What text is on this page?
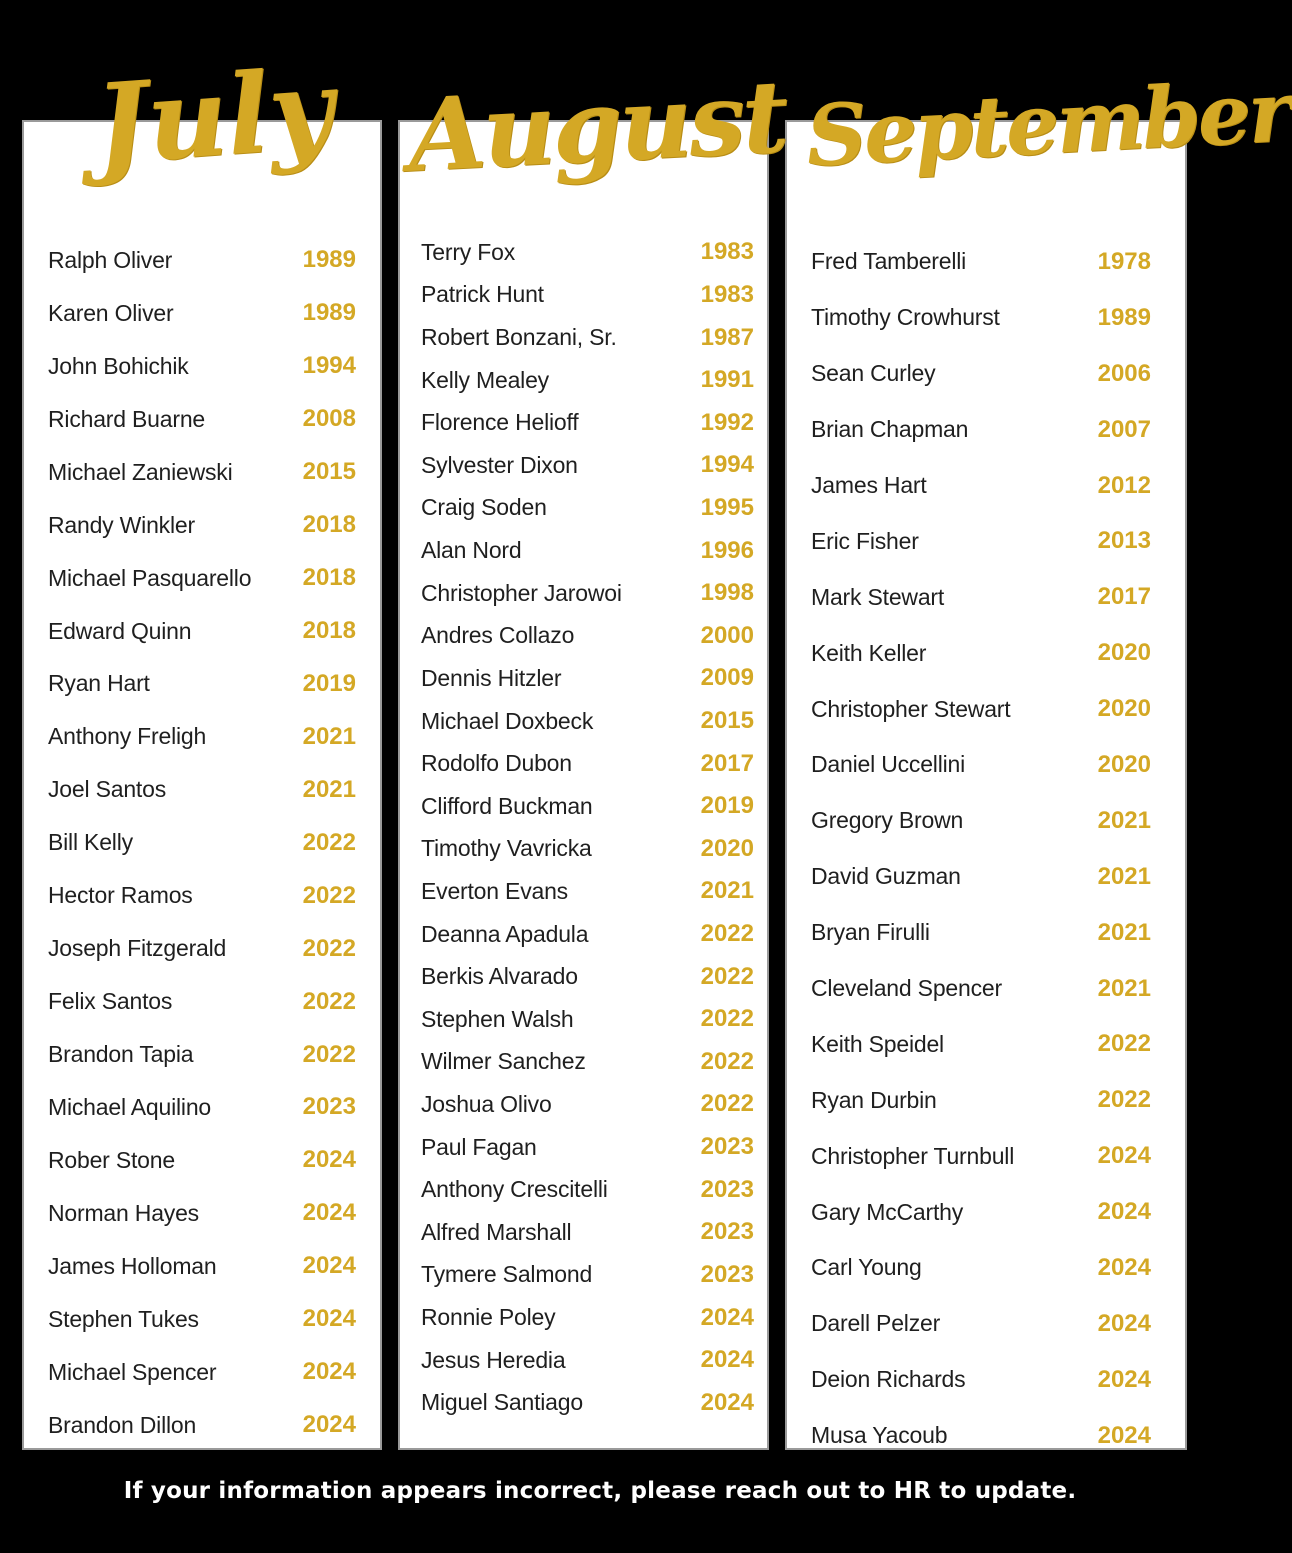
Ralph Oliver	1989
Karen Oliver	1989
John Bohichik	1994
Richard Buarne	2008
Michael Zaniewski	2015
Randy Winkler	2018
Michael Pasquarello 2018
Edward Quinn	2018
Ryan Hart	2019
Anthony Freligh	2021
Joel Santos	2021
Bill Kelly	2022
Hector Ramos	2022
Joseph Fitzgerald	2022
Felix Santos	2022
Brandon Tapia	2022
Michael Aquilino	2023
Rober Stone	2024
Norman Hayes	2024
James Holloman	2024
Stephen Tukes	2024
Michael Spencer	2024
Brandon Dillon	2024
Terry Fox	1983
Patrick Hunt	1983
Robert Bonzani, Sr.	1987
Kelly Mealey	1991
Florence Helioff	1992
Sylvester Dixon	1994
Craig Soden	1995
Alan Nord	1996
Christopher Jarowoi	1998
Andres Collazo	2000
Dennis Hitzler	2009
Michael Doxbeck	2015
Rodolfo Dubon	2017
Clifford Buckman	2019
Timothy Vavricka	2020
Everton Evans	2021
Deanna Apadula	2022
Berkis Alvarado	2022
Stephen Walsh	2022
Wilmer Sanchez	2022
Joshua Olivo	2022
Paul Fagan	2023
Anthony Crescitelli	2023
Alfred Marshall	2023
Tymere Salmond	2023
Ronnie Poley	2024
Jesus Heredia	2024
Miguel Santiago	2024
Fred Tamberelli	1978
Timothy Crowhurst	1989
Sean Curley	2006
Brian Chapman	2007
James Hart	2012
Eric Fisher	2013
Mark Stewart	2017
Keith Keller	2020
Christopher Stewart	2020
Daniel Uccellini	2020
Gregory Brown	2021
David Guzman	2021
Bryan Firulli	2021
Cleveland Spencer	2021
Keith Speidel	2022
Ryan Durbin	2022
Christopher Turnbull	2024
Gary McCarthy	2024
Carl Young	2024
Darell Pelzer	2024
Deion Richards	2024
Musa Yacoub	2024
July August September
If your information appears incorrect, please reach out to HR to update.
